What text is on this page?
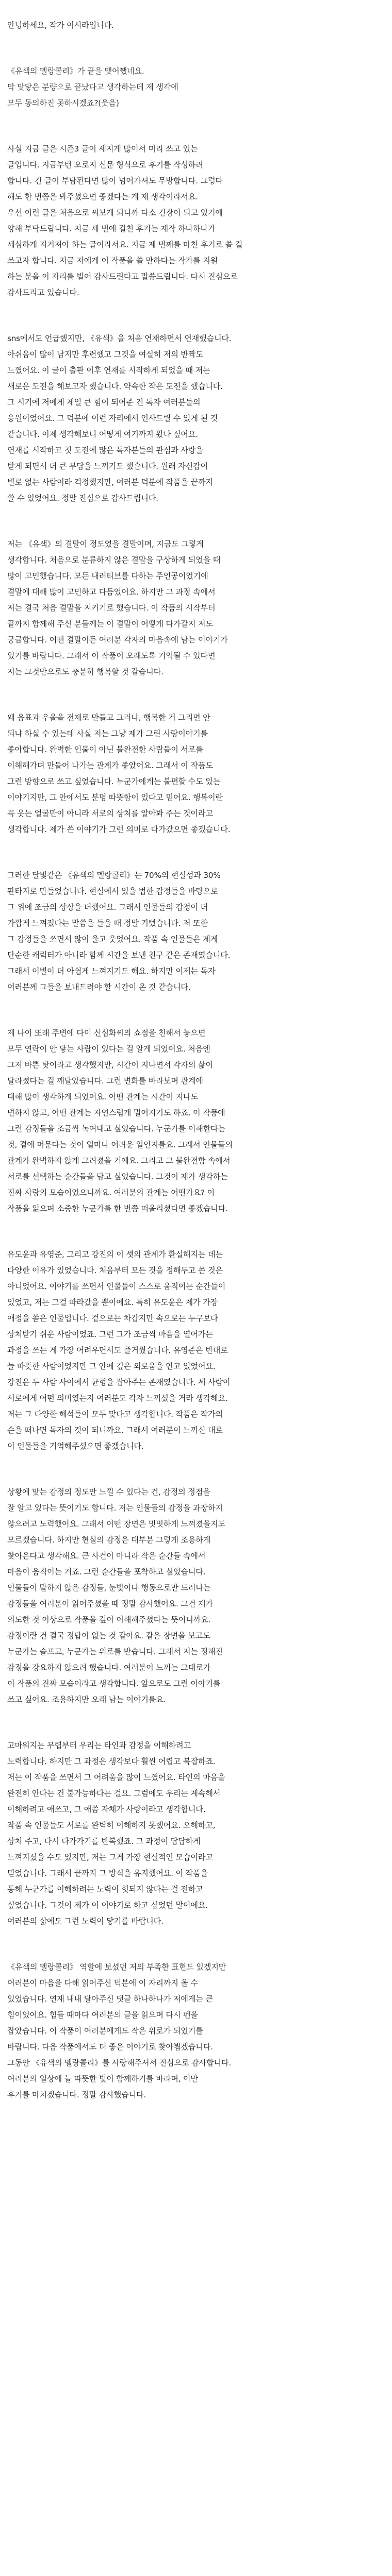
안녕하세요, 작가 이시라입니다.

《유색의 멜랑콜리》가 끝을 맺어쨌네요.
막 맞닿은 분량으로 끝났다고 생각하는데 제 생각에
모두 동의하진 못하시겠죠?(웃음)

사실 지금 글은 시즌3 글이 세지게 많이서 미리 쓰고 있는
글입니다. 지금부턴 오로지 신문 형식으로 후기를 작성하려
합니다. 긴 글이 부담된다면 많이 넘어가셔도 무방합니다. 그렇다
해도 한 번쯤은 봐주셨으면 좋겠다는 게 제 생각이라서요.
우선 이런 글은 처음으로 써보게 되니까 다소 긴장이 되고 있기에
양해 부탁드립니다. 지금 세 번에 걸친 후기는 제작 하나하나가
세심하게 지켜져야 하는 글이라서요. 지금 제 번째를 마친 후기로 쓸 걸
쓰고자 합니다. 지금 저에게 이 작품을 쓸 만하다는 작가를 지원
하는 분을 이 자리를 빌어 감사드린다고 말씀드립니다. 다시 진심으로
감사드리고 있습니다.

sns에서도 언급했지만, 《유색》을 처음 연재하면서 연재했습니다.
아쉬움이 많이 남지만 후련했고 그것을 여실히 저의 반짝도
느꼈어요. 이 글이 출판 이후 연재를 시작하게 되었을 때 저는
새로운 도전을 해보고자 했습니다. 약속한 작은 도전을 했습니다.
그 시기에 저에게 제일 큰 힘이 되어준 건 독자 여러분들의
응원이었어요. 그 덕분에 이런 자리에서 인사드릴 수 있게 된 것
같습니다. 이제 생각해보니 어떻게 여기까지 왔나 싶어요.
연재를 시작하고 첫 도전에 많은 독자분들의 관심과 사랑을
받게 되면서 더 큰 부담을 느끼기도 했습니다. 원래 자신감이
별로 없는 사람이라 걱정했지만, 여러분 덕분에 작품을 끝까지
쓸 수 있었어요. 정말 진심으로 감사드립니다.

저는 《유색》의 결말이 정도였을 결말이며, 지금도 그렇게
생각합니다. 처음으로 분류하지 않은 결말을 구상하게 되었을 때
많이 고민했습니다. 모든 내러티브를 다하는 주인공이었기에
결말에 대해 많이 고민하고 다듬었어요. 하지만 그 과정 속에서
저는 결국 처음 결말을 지키기로 했습니다. 이 작품의 시작부터
끝까지 함께해 주신 분들께는 이 결말이 어떻게 다가갈지 저도
궁금합니다. 어떤 결말이든 여러분 각자의 마음속에 남는 이야기가
있기를 바랍니다. 그래서 이 작품이 오래도록 기억될 수 있다면
저는 그것만으로도 충분히 행복할 것 같습니다.

왜 음표과 우울을 전제로 만들고 그러냐, 행복한 거 그리면 안
되냐 하실 수 있는데 사실 저는 그냥 제가 그린 사랑이야기를
좋아합니다. 완벽한 인물이 아닌 불완전한 사람들이 서로를
이해해가며 만들어 나가는 관계가 좋았어요. 그래서 이 작품도
그런 방향으로 쓰고 싶었습니다. 누군가에게는 불편할 수도 있는
이야기지만, 그 안에서도 분명 따뜻함이 있다고 믿어요. 행복이란
꼭 웃는 얼굴만이 아니라 서로의 상처를 알아봐 주는 것이라고
생각합니다. 제가 쓴 이야기가 그런 의미로 다가갔으면 좋겠습니다.

그러한 달빛같은 《유색의 멜랑콜리》는 70%의 현실성과 30%
판타지로 만들었습니다. 현실에서 있을 법한 감정들을 바탕으로
그 위에 조금의 상상을 더했어요. 그래서 인물들의 감정이 더
가깝게 느껴졌다는 말씀을 들을 때 정말 기뻤습니다. 저 또한
그 감정들을 쓰면서 많이 울고 웃었어요. 작품 속 인물들은 제게
단순한 캐릭터가 아니라 함께 시간을 보낸 친구 같은 존재였습니다.
그래서 이별이 더 아쉽게 느껴지기도 해요. 하지만 이제는 독자
여러분께 그들을 보내드려야 할 시간이 온 것 같습니다.

제 나이 또래 주변에 다이 신심화씨의 쇼점을 친해서 놓으면
모두 연락이 안 닿는 사람이 있다는 걸 알게 되었어요. 처음엔
그저 바쁜 탓이라고 생각했지만, 시간이 지나면서 각자의 삶이
달라졌다는 걸 깨달았습니다. 그런 변화를 바라보며 관계에
대해 많이 생각하게 되었어요. 어떤 관계는 시간이 지나도
변하지 않고, 어떤 관계는 자연스럽게 멀어지기도 하죠. 이 작품에
그런 감정들을 조금씩 녹여내고 싶었습니다. 누군가를 이해한다는
것, 곁에 머문다는 것이 얼마나 어려운 일인지를요. 그래서 인물들의
관계가 완벽하지 않게 그려졌을 거예요. 그리고 그 불완전함 속에서
서로를 선택하는 순간들을 담고 싶었습니다. 그것이 제가 생각하는
진짜 사랑의 모습이었으니까요. 여러분의 관계는 어떤가요? 이
작품을 읽으며 소중한 누군가를 한 번쯤 떠올리셨다면 좋겠습니다.

유도윤과 유영준, 그리고 강진의 이 셋의 관계가 환실해지는 데는
다양한 이유가 있었습니다. 처음부터 모든 것을 정해두고 쓴 것은
아니었어요. 이야기를 쓰면서 인물들이 스스로 움직이는 순간들이
있었고, 저는 그걸 따라갔을 뿐이에요. 특히 유도윤은 제가 가장
애정을 쏟은 인물입니다. 겉으로는 차갑지만 속으로는 누구보다
상처받기 쉬운 사람이었죠. 그런 그가 조금씩 마음을 열어가는
과정을 쓰는 게 가장 어려우면서도 즐거웠습니다. 유영준은 반대로
늘 따뜻한 사람이었지만 그 안에 깊은 외로움을 안고 있었어요.
강진은 두 사람 사이에서 균형을 잡아주는 존재였습니다. 세 사람이
서로에게 어떤 의미였는지 여러분도 각자 느끼셨을 거라 생각해요.
저는 그 다양한 해석들이 모두 맞다고 생각합니다. 작품은 작가의
손을 떠나면 독자의 것이 되니까요. 그래서 여러분이 느끼신 대로
이 인물들을 기억해주셨으면 좋겠습니다.

상황에 맞는 감정의 정도만 느낄 수 있다는 건, 감정의 정점을
잘 알고 있다는 뜻이기도 합니다. 저는 인물들의 감정을 과장하지
않으려고 노력했어요. 그래서 어떤 장면은 밋밋하게 느껴졌을지도
모르겠습니다. 하지만 현실의 감정은 대부분 그렇게 조용하게
찾아온다고 생각해요. 큰 사건이 아니라 작은 순간들 속에서
마음이 움직이는 거죠. 그런 순간들을 포착하고 싶었습니다.
인물들이 말하지 않은 감정들, 눈빛이나 행동으로만 드러나는
감정들을 여러분이 읽어주셨을 때 정말 감사했어요. 그건 제가
의도한 것 이상으로 작품을 깊이 이해해주셨다는 뜻이니까요.
감정이란 건 결국 정답이 없는 것 같아요. 같은 장면을 보고도
누군가는 슬프고, 누군가는 위로를 받습니다. 그래서 저는 정해진
감정을 강요하지 않으려 했습니다. 여러분이 느끼는 그대로가
이 작품의 진짜 모습이라고 생각합니다. 앞으로도 그런 이야기를
쓰고 싶어요. 조용하지만 오래 남는 이야기를요.

고마워지는 무렵부터 우리는 타인과 감정을 이해하려고
노력합니다. 하지만 그 과정은 생각보다 훨씬 어렵고 복잡하죠.
저는 이 작품을 쓰면서 그 어려움을 많이 느꼈어요. 타인의 마음을
완전히 안다는 건 불가능하다는 걸요. 그럼에도 우리는 계속해서
이해하려고 애쓰고, 그 애씀 자체가 사랑이라고 생각합니다.
작품 속 인물들도 서로를 완벽히 이해하지 못했어요. 오해하고,
상처 주고, 다시 다가가기를 반복했죠. 그 과정이 답답하게
느껴지셨을 수도 있지만, 저는 그게 가장 현실적인 모습이라고
믿었습니다. 그래서 끝까지 그 방식을 유지했어요. 이 작품을
통해 누군가를 이해하려는 노력이 헛되지 않다는 걸 전하고
싶었습니다. 그것이 제가 이 이야기로 하고 싶었던 말이에요.
여러분의 삶에도 그런 노력이 닿기를 바랍니다.

《유색의 멜랑콜리》 역할에 보셨던 저의 부족한 표현도 있겠지만
여러분이 마음을 다해 읽어주신 덕분에 이 자리까지 올 수
있었습니다. 연재 내내 달아주신 댓글 하나하나가 저에게는 큰
힘이었어요. 힘들 때마다 여러분의 글을 읽으며 다시 펜을
잡았습니다. 이 작품이 여러분에게도 작은 위로가 되었기를
바랍니다. 다음 작품에서도 더 좋은 이야기로 찾아뵙겠습니다.
그동안 《유색의 멜랑콜리》를 사랑해주셔서 진심으로 감사합니다.
여러분의 일상에 늘 따뜻한 빛이 함께하기를 바라며, 이만
후기를 마치겠습니다. 정말 감사했습니다.
